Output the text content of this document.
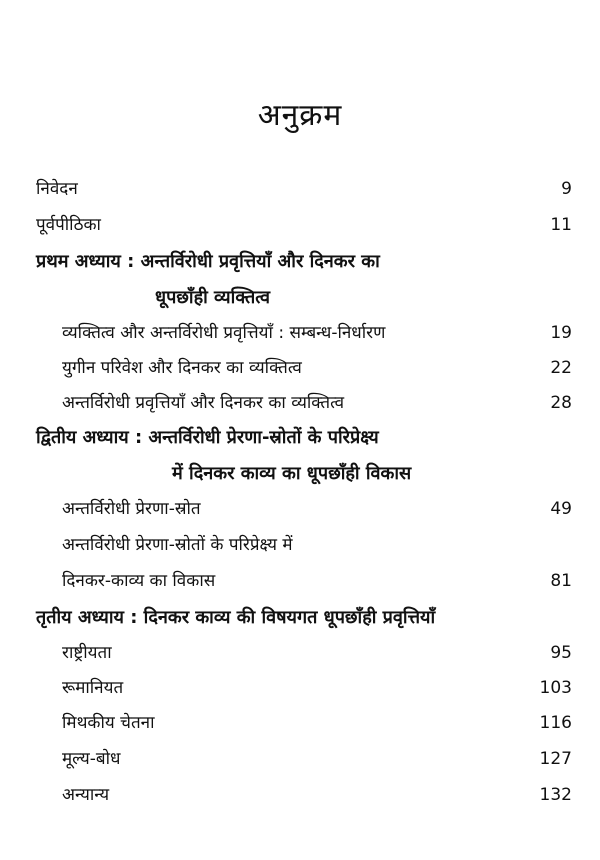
अनुक्रम
निवेदन	9
पूर्वपीठिका	11
प्रथम अध्याय : अन्तर्विरोधी प्रवृत्तियाँ और दिनकर का
धूपछाँही व्यक्तित्व
व्यक्तित्व और अन्तर्विरोधी प्रवृत्तियाँ : सम्बन्ध-निर्धारण	19
युगीन परिवेश और दिनकर का व्यक्तित्व	22
अन्तर्विरोधी प्रवृत्तियाँ और दिनकर का व्यक्तित्व	28
द्वितीय अध्याय : अन्तर्विरोधी प्रेरणा-स्रोतों के परिप्रेक्ष्य
में दिनकर काव्य का धूपछाँही विकास
अन्तर्विरोधी प्रेरणा-स्रोत	49
अन्तर्विरोधी प्रेरणा-स्रोतों के परिप्रेक्ष्य में
दिनकर-काव्य का विकास	81
तृतीय अध्याय : दिनकर काव्य की विषयगत धूपछाँही प्रवृत्तियाँ
राष्ट्रीयता	95
रूमानियत	103
मिथकीय चेतना	116
मूल्य-बोध	127
अन्यान्य	132
